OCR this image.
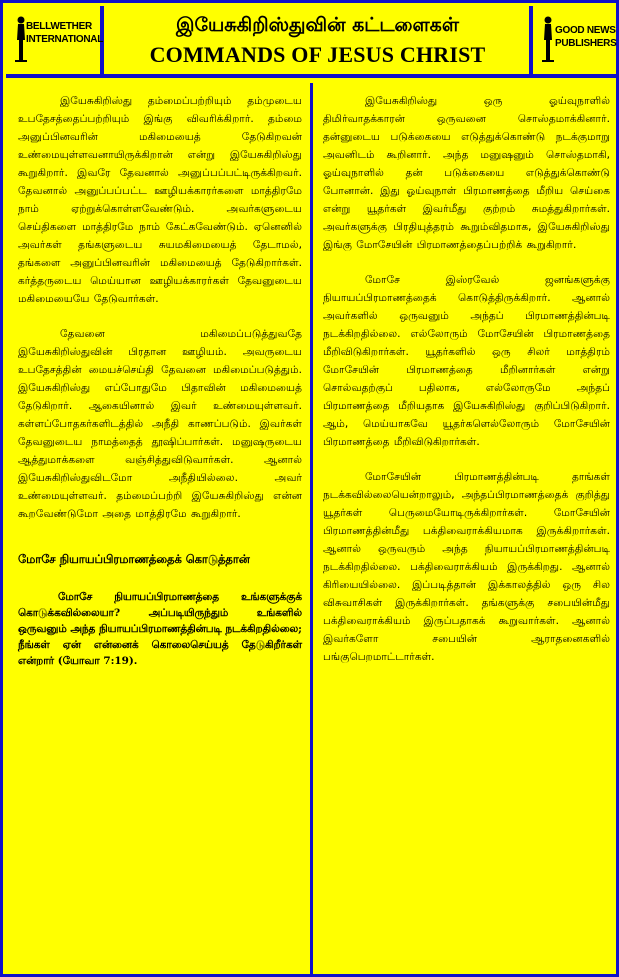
BELLWETHER
INTERNATIONAL
இயேசுகிறிஸ்துவின் கட்டளைகள்
COMMANDS OF JESUS CHRIST
GOOD NEWS
PUBLISHERS

இயேசுகிறிஸ்து தம்மைப்பற்றியும் தம்முடைய உபதேசத்தைப்பற்றியும் இங்கு விவரிக்கிறார். தம்மை அனுப்பினவரின் மகிமையைத் தேடுகிறவன் உண்மையுள்ளவனாயிருக்கிறான் என்று இயேசுகிறிஸ்து கூறுகிறார். இவரே தேவனால் அனுப்பப்பட்டிருக்கிறவர். தேவனால் அனுப்பப்பட்ட ஊழியக்காரர்களை மாத்திரமே நாம் ஏற்றுக்கொள்ளவேண்டும். அவர்களுடைய செய்திகளை மாத்திரமே நாம் கேட்கவேண்டும். ஏனெனில் அவர்கள் தங்களுடைய சுயமகிமையைத் தேடாமல், தங்களை அனுப்பினவரின் மகிமையைத் தேடுகிறார்கள். கர்த்தருடைய மெய்யான ஊழியக்காரர்கள் தேவனுடைய மகிமையையே தேடுவார்கள்.

தேவனை மகிமைப்படுத்துவதே இயேசுகிறிஸ்துவின் பிரதான ஊழியம். அவருடைய உபதேசத்தின் மையச்செய்தி தேவனை மகிமைப்படுத்தும். இயேசுகிறிஸ்து எப்போதுமே பிதாவின் மகிமையைத் தேடுகிறார். ஆகையினால் இவர் உண்மையுள்ளவர். கள்ளப்போதகர்களிடத்தில் அநீதி காணப்படும். இவர்கள் தேவனுடைய நாமத்தைத் தூஷிப்பார்கள். மனுஷருடைய ஆத்துமாக்களை வஞ்சித்துவிடுவார்கள். ஆனால் இயேசுகிறிஸ்துவிடமோ அநீதியில்லை. அவர் உண்மையுள்ளவர். தம்மைப்பற்றி இயேசுகிறிஸ்து என்ன கூறவேண்டுமோ அதை மாத்திரமே கூறுகிறார்.

மோசே நியாயப்பிரமாணத்தைக் கொடுத்தான்
மோசே நியாயப்பிரமாணத்தை உங்களுக்குக் கொடுக்கவில்லையா? அப்படியிருந்தும் உங்களில் ஒருவனும் அந்த நியாயப்பிரமாணத்தின்படி நடக்கிறதில்லை; நீங்கள் ஏன் என்னைக் கொலைசெய்யத் தேடுகிறீர்கள் என்றார் (யோவா 7:19).

இயேசுகிறிஸ்து ஒரு ஓய்வுநாளில் திமிர்வாதக்காரன் ஒருவனை சொஸ்தமாக்கினார். தன்னுடைய படுக்கையை எடுத்துக்கொண்டு நடக்குமாறு அவனிடம் கூறினார். அந்த மனுஷனும் சொஸ்தமாகி, ஓய்வுநாளில் தன் படுக்கையை எடுத்துக்கொண்டு போனான். இது ஓய்வுநாள் பிரமாணத்தை மீறிய செய்கை என்று யூதர்கள் இவர்மீது குற்றம் சுமத்துகிறார்கள். அவர்களுக்கு பிரதியுத்தரம் கூறும்விதமாக, இயேசுகிறிஸ்து இங்கு மோசேயின் பிரமாணத்தைப்பற்றிக் கூறுகிறார்.

மோசே இஸ்ரவேல் ஜனங்களுக்கு நியாயப்பிரமாணத்தைக் கொடுத்திருக்கிறார். ஆனால் அவர்களில் ஒருவனும் அந்தப் பிரமாணத்தின்படி நடக்கிறதில்லை. எல்லோரும் மோசேயின் பிரமாணத்தை மீறிவிடுகிறார்கள். யூதர்களில் ஒரு சிலர் மாத்திரம் மோசேயின் பிரமாணத்தை மீறினார்கள் என்று சொல்வதற்குப் பதிலாக, எல்லோருமே அந்தப் பிரமாணத்தை மீறியதாக இயேசுகிறிஸ்து குறிப்பிடுகிறார். ஆம், மெய்யாகவே யூதர்களெல்லோரும் மோசேயின் பிரமாணத்தை மீறிவிடுகிறார்கள்.

மோசேயின் பிரமாணத்தின்படி தாங்கள் நடக்கவில்லையென்றாலும், அந்தப்பிரமாணத்தைக் குறித்து யூதர்கள் பெருமையோடிருக்கிறார்கள். மோசேயின் பிரமாணத்தின்மீது பக்திவைராக்கியமாக இருக்கிறார்கள். ஆனால் ஒருவரும் அந்த நியாயப்பிரமாணத்தின்படி நடக்கிறதில்லை. பக்திவைராக்கியம் இருக்கிறது. ஆனால் கிரியையில்லை. இப்படித்தான் இக்காலத்தில் ஒரு சில விசுவாசிகள் இருக்கிறார்கள். தங்களுக்கு சபையின்மீது பக்திவைராக்கியம் இருப்பதாகக் கூறுவார்கள். ஆனால் இவர்களோ சபையின் ஆராதனைகளில் பங்குபெறமாட்டார்கள்.
